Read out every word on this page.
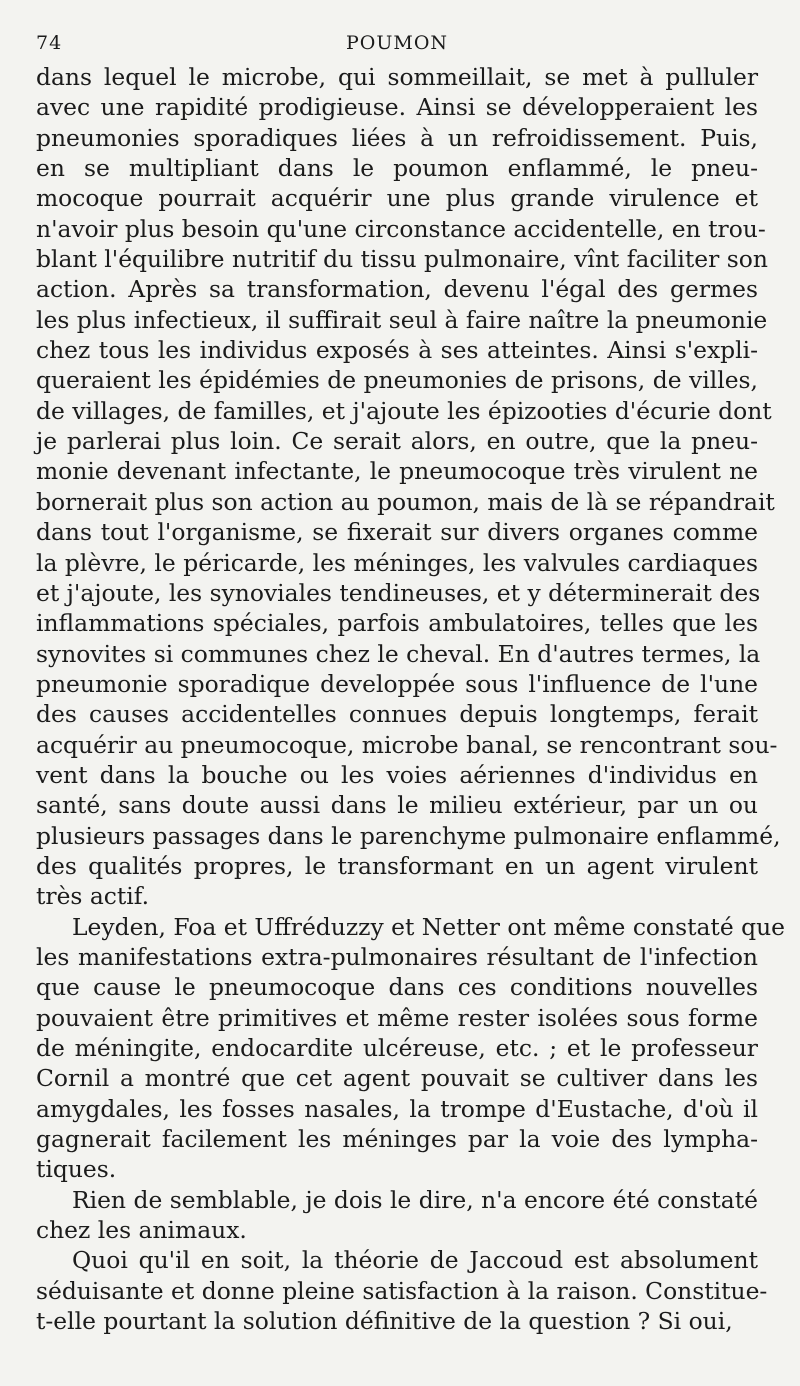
74	POUMON

dans lequel le microbe, qui sommeillait, se met à pulluler
avec une rapidité prodigieuse. Ainsi se développeraient les
pneumonies sporadiques liées à un refroidissement. Puis,
en se multipliant dans le poumon enflammé, le pneu-
mocoque pourrait acquérir une plus grande virulence et
n'avoir plus besoin qu'une circonstance accidentelle, en trou-
blant l'équilibre nutritif du tissu pulmonaire, vînt faciliter son
action. Après sa transformation, devenu l'égal des germes
les plus infectieux, il suffirait seul à faire naître la pneumonie
chez tous les individus exposés à ses atteintes. Ainsi s'expli-
queraient les épidémies de pneumonies de prisons, de villes,
de villages, de familles, et j'ajoute les épizooties d'écurie dont
je parlerai plus loin. Ce serait alors, en outre, que la pneu-
monie devenant infectante, le pneumocoque très virulent ne
bornerait plus son action au poumon, mais de là se répandrait
dans tout l'organisme, se fixerait sur divers organes comme
la plèvre, le péricarde, les méninges, les valvules cardiaques
et j'ajoute, les synoviales tendineuses, et y déterminerait des
inflammations spéciales, parfois ambulatoires, telles que les
synovites si communes chez le cheval. En d'autres termes, la
pneumonie sporadique developpée sous l'influence de l'une
des causes accidentelles connues depuis longtemps, ferait
acquérir au pneumocoque, microbe banal, se rencontrant sou-
vent dans la bouche ou les voies aériennes d'individus en
santé, sans doute aussi dans le milieu extérieur, par un ou
plusieurs passages dans le parenchyme pulmonaire enflammé,
des qualités propres, le transformant en un agent virulent
très actif.
Leyden, Foa et Uffréduzzy et Netter ont même constaté que
les manifestations extra-pulmonaires résultant de l'infection
que cause le pneumocoque dans ces conditions nouvelles
pouvaient être primitives et même rester isolées sous forme
de méningite, endocardite ulcéreuse, etc. ; et le professeur
Cornil a montré que cet agent pouvait se cultiver dans les
amygdales, les fosses nasales, la trompe d'Eustache, d'où il
gagnerait facilement les méninges par la voie des lympha-
tiques.
Rien de semblable, je dois le dire, n'a encore été constaté
chez les animaux.
Quoi qu'il en soit, la théorie de Jaccoud est absolument
séduisante et donne pleine satisfaction à la raison. Constitue-
t-elle pourtant la solution définitive de la question ? Si oui,
